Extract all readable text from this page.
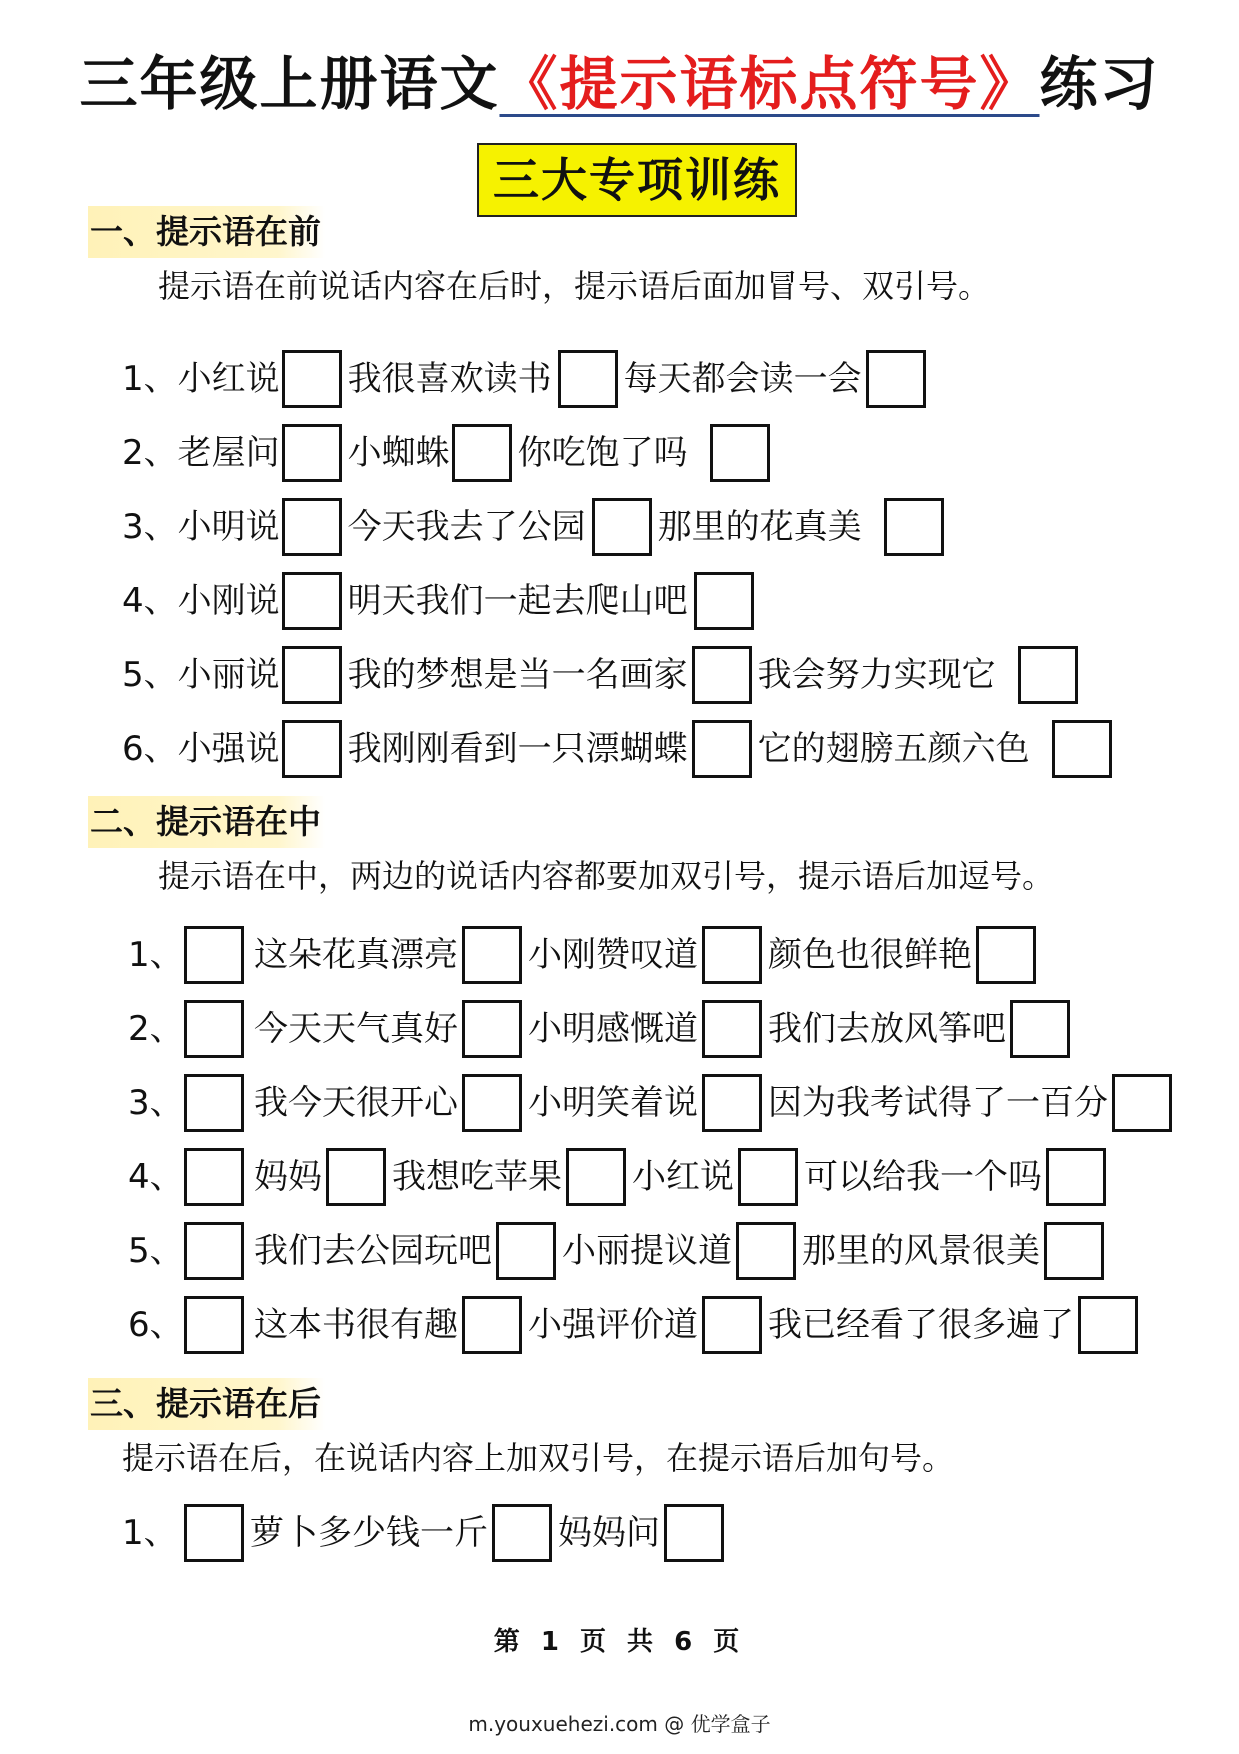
三年级上册语文《提示语标点符号》练习
三大专项训练
一、提示语在前
提示语在前说话内容在后时，提示语后面加冒号、双引号。
1、 小红说 我很喜欢读书 每天都会读一会
2、 老屋问 小蜘蛛 你吃饱了吗
3、 小明说 今天我去了公园 那里的花真美
4、 小刚说 明天我们一起去爬山吧
5、 小丽说 我的梦想是当一名画家 我会努力实现它
6、 小强说 我刚刚看到一只漂蝴蝶 它的翅膀五颜六色
二、提示语在中
提示语在中，两边的说话内容都要加双引号，提示语后加逗号。
1、 这朵花真漂亮 小刚赞叹道 颜色也很鲜艳
2、 今天天气真好 小明感慨道 我们去放风筝吧
3、 我今天很开心 小明笑着说 因为我考试得了一百分
4、 妈妈 我想吃苹果 小红说 可以给我一个吗
5、 我们去公园玩吧 小丽提议道 那里的风景很美
6、 这本书很有趣 小强评价道 我已经看了很多遍了
三、提示语在后
提示语在后，在说话内容上加双引号，在提示语后加句号。
1、 萝卜多少钱一斤 妈妈问
第 1 页 共 6 页
m.youxuehezi.com @ 优学盒子
